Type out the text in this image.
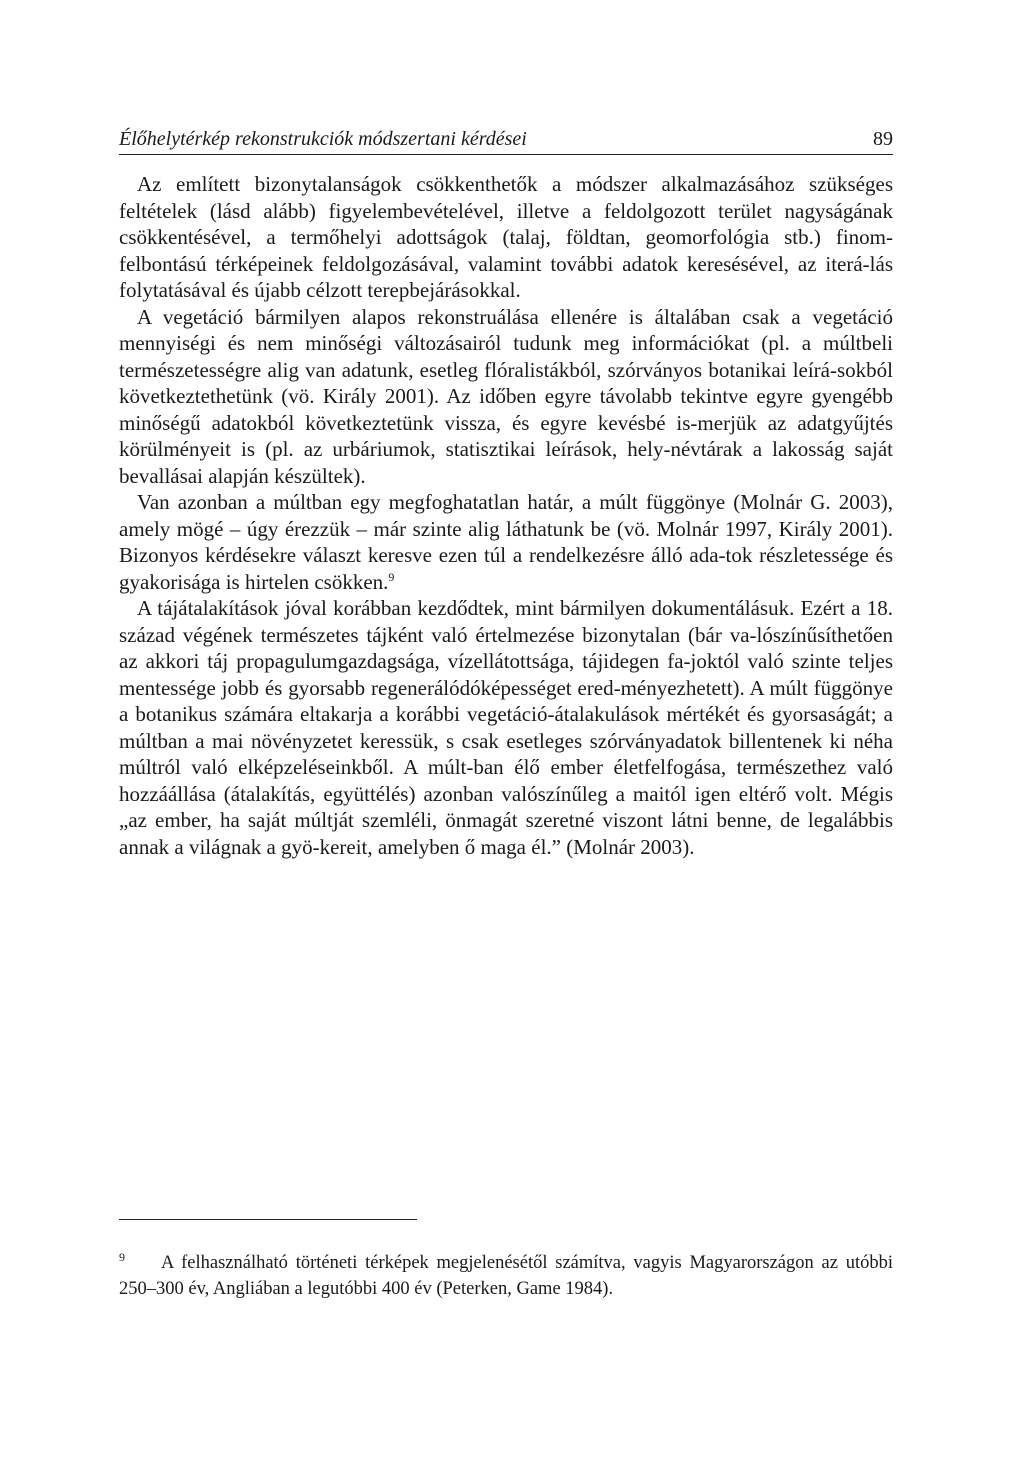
Élőhelytérkép rekonstrukciók módszertani kérdései	89

Az említett bizonytalanságok csökkenthetők a módszer alkalmazásához szükséges feltételek (lásd alább) figyelembevételével, illetve a feldolgozott terület nagyságának csökkentésével, a termőhelyi adottságok (talaj, földtan, geomorfológia stb.) finom-felbontású térképeinek feldolgozásával, valamint további adatok keresésével, az iterá-lás folytatásával és újabb célzott terepbejárásokkal.

A vegetáció bármilyen alapos rekonstruálása ellenére is általában csak a vegetáció mennyiségi és nem minőségi változásairól tudunk meg információkat (pl. a múltbeli természetességre alig van adatunk, esetleg flóralistákból, szórványos botanikai leírá-sokból következtethetünk (vö. Király 2001). Az időben egyre távolabb tekintve egyre gyengébb minőségű adatokból következtetünk vissza, és egyre kevésbé is-merjük az adatgyűjtés körülményeit is (pl. az urbáriumok, statisztikai leírások, hely-névtárak a lakosság saját bevallásai alapján készültek).

Van azonban a múltban egy megfoghatatlan határ, a múlt függönye (Molnár G. 2003), amely mögé – úgy érezzük – már szinte alig láthatunk be (vö. Molnár 1997, Király 2001). Bizonyos kérdésekre választ keresve ezen túl a rendelkezésre álló ada-tok részletessége és gyakorisága is hirtelen csökken.$^9$

A tájátalakítások jóval korábban kezdődtek, mint bármilyen dokumentálásuk. Ezért a 18. század végének természetes tájként való értelmezése bizonytalan (bár va-lószínűsíthetően az akkori táj propagulumgazdagsága, vízellátottsága, tájidegen fa-joktól való szinte teljes mentessége jobb és gyorsabb regenerálódóképességet ered-ményezhetett). A múlt függönye a botanikus számára eltakarja a korábbi vegetáció-átalakulások mértékét és gyorsaságát; a múltban a mai növényzetet keressük, s csak esetleges szórványadatok billentenek ki néha múltról való elképzeléseinkből. A múlt-ban élő ember életfelfogása, természethez való hozzáállása (átalakítás, együttélés) azonban valószínűleg a maitól igen eltérő volt. Mégis „az ember, ha saját múltját szemléli, önmagát szeretné viszont látni benne, de legalábbis annak a világnak a gyö-kereit, amelyben ő maga él.” (Molnár 2003).

$^9$ A felhasználható történeti térképek megjelenésétől számítva, vagyis Magyarországon az utóbbi 250–300 év, Angliában a legutóbbi 400 év (Peterken, Game 1984).
